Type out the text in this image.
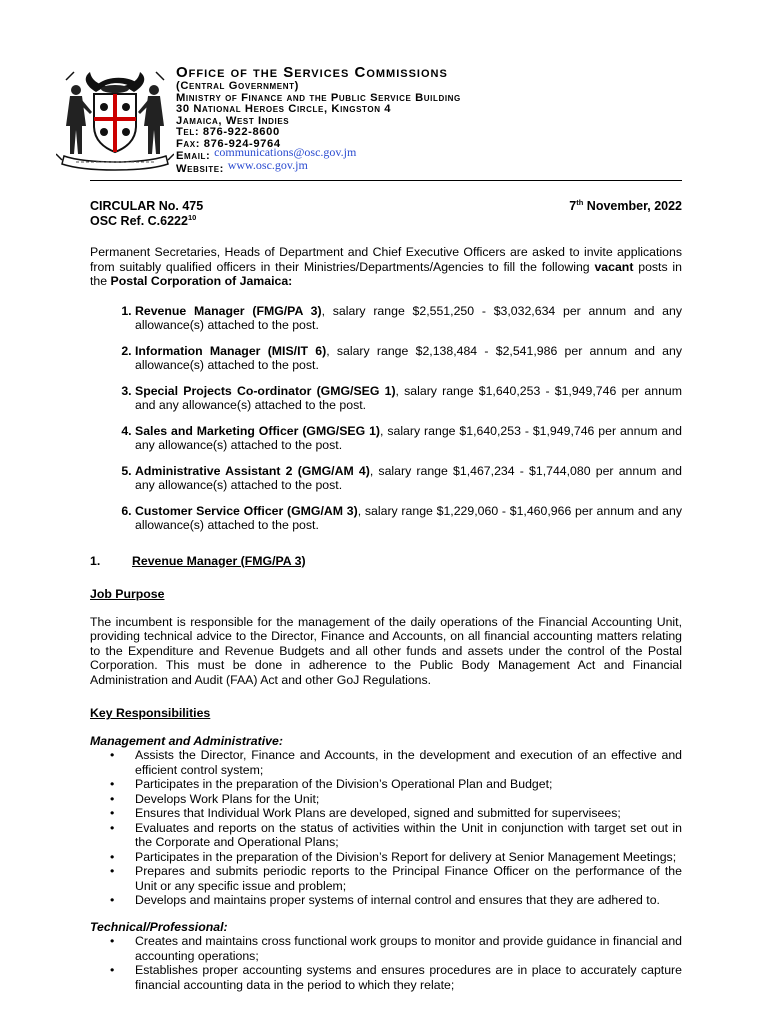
Office of the Services Commissions

(Central Government)

Ministry of Finance and the Public Service Building

30 National Heroes Circle, Kingston 4

Jamaica, West Indies

Tel: 876-922-8600

Fax: 876-924-9764

Email: communications@osc.gov.jm

Website: www.osc.gov.jm

CIRCULAR No. 475

OSC Ref. C.6222$^{10}$

7th November, 2022

Permanent Secretaries, Heads of Department and Chief Executive Officers are asked to invite applications from suitably qualified officers in their Ministries/Departments/Agencies to fill the following vacant posts in the Postal Corporation of Jamaica:

1. Revenue Manager (FMG/PA 3), salary range $2,551,250 - $3,032,634 per annum and any allowance(s) attached to the post.
2. Information Manager (MIS/IT 6), salary range $2,138,484 - $2,541,986 per annum and any allowance(s) attached to the post.
3. Special Projects Co-ordinator (GMG/SEG 1), salary range $1,640,253 - $1,949,746 per annum and any allowance(s) attached to the post.
4. Sales and Marketing Officer (GMG/SEG 1), salary range $1,640,253 - $1,949,746 per annum and any allowance(s) attached to the post.
5. Administrative Assistant 2 (GMG/AM 4), salary range $1,467,234 - $1,744,080 per annum and any allowance(s) attached to the post.
6. Customer Service Officer (GMG/AM 3), salary range $1,229,060 - $1,460,966 per annum and any allowance(s) attached to the post.
1.	Revenue Manager (FMG/PA 3)

Job Purpose

The incumbent is responsible for the management of the daily operations of the Financial Accounting Unit, providing technical advice to the Director, Finance and Accounts, on all financial accounting matters relating to the Expenditure and Revenue Budgets and all other funds and assets under the control of the Postal Corporation. This must be done in adherence to the Public Body Management Act and Financial Administration and Audit (FAA) Act and other GoJ Regulations.

Key Responsibilities

Management and Administrative:

• Assists the Director, Finance and Accounts, in the development and execution of an effective and efficient control system;
• Participates in the preparation of the Division’s Operational Plan and Budget;
• Develops Work Plans for the Unit;
• Ensures that Individual Work Plans are developed, signed and submitted for supervisees;
• Evaluates and reports on the status of activities within the Unit in conjunction with target set out in the Corporate and Operational Plans;
• Participates in the preparation of the Division’s Report for delivery at Senior Management Meetings;
• Prepares and submits periodic reports to the Principal Finance Officer on the performance of the Unit or any specific issue and problem;
• Develops and maintains proper systems of internal control and ensures that they are adhered to.

Technical/Professional:

• Creates and maintains cross functional work groups to monitor and provide guidance in financial and accounting operations;
• Establishes proper accounting systems and ensures procedures are in place to accurately capture financial accounting data in the period to which they relate;
